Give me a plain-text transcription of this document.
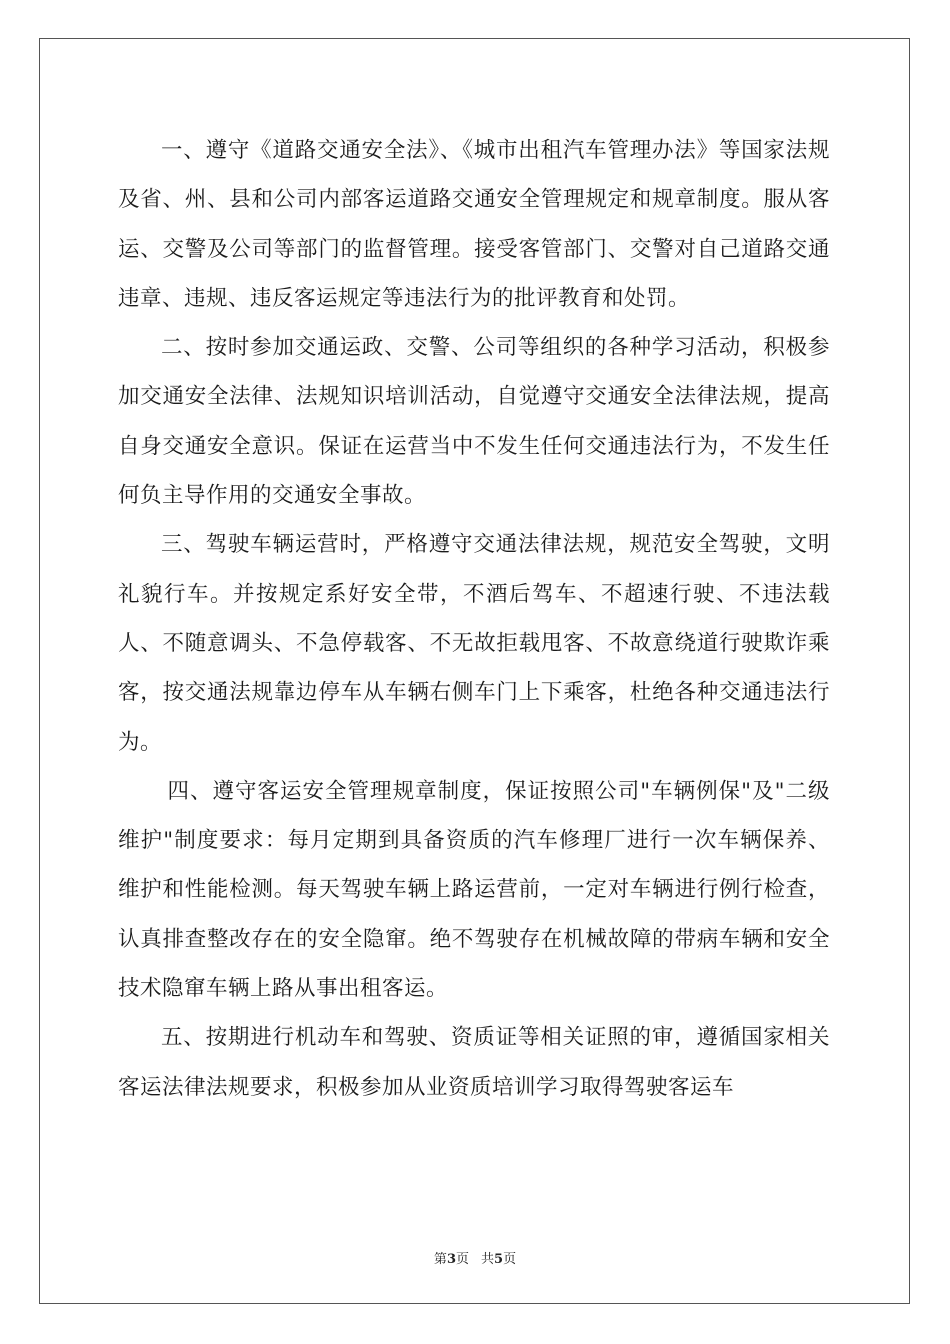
一、遵守《道路交通安全法》、《城市出租汽车管理办法》等国家法规及省、州、县和公司内部客运道路交通安全管理规定和规章制度。服从客运、交警及公司等部门的监督管理。接受客管部门、交警对自己道路交通违章、违规、违反客运规定等违法行为的批评教育和处罚。

二、按时参加交通运政、交警、公司等组织的各种学习活动，积极参加交通安全法律、法规知识培训活动，自觉遵守交通安全法律法规，提高自身交通安全意识。保证在运营当中不发生任何交通违法行为，不发生任何负主导作用的交通安全事故。

三、驾驶车辆运营时，严格遵守交通法律法规，规范安全驾驶，文明礼貌行车。并按规定系好安全带，不酒后驾车、不超速行驶、不违法载人、不随意调头、不急停载客、不无故拒载甩客、不故意绕道行驶欺诈乘客，按交通法规靠边停车从车辆右侧车门上下乘客，杜绝各种交通违法行为。

四、遵守客运安全管理规章制度，保证按照公司"车辆例保"及"二级维护"制度要求：每月定期到具备资质的汽车修理厂进行一次车辆保养、维护和性能检测。每天驾驶车辆上路运营前，一定对车辆进行例行检查，认真排查整改存在的安全隐窜。绝不驾驶存在机械故障的带病车辆和安全技术隐窜车辆上路从事出租客运。

五、按期进行机动车和驾驶、资质证等相关证照的审，遵循国家相关客运法律法规要求，积极参加从业资质培训学习取得驾驶客运车

第3页 共5页
